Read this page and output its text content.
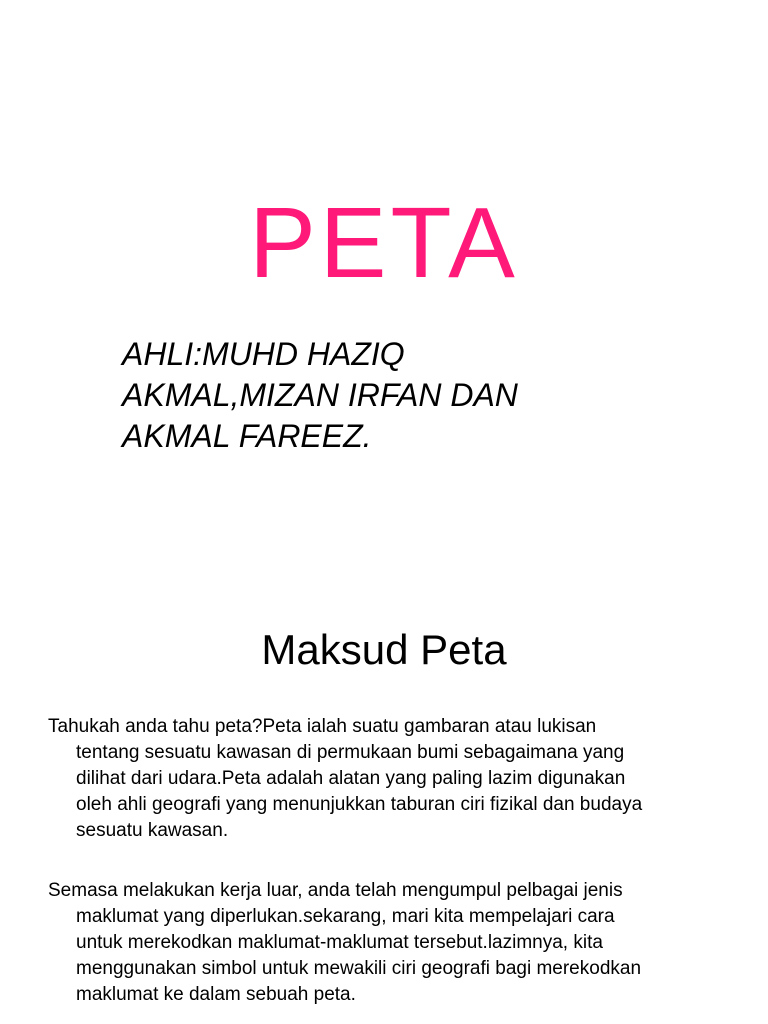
PETA
AHLI:MUHD HAZIQ
AKMAL,MIZAN IRFAN DAN
AKMAL FAREEZ.
Maksud Peta
Tahukah anda tahu peta?Peta ialah suatu gambaran atau lukisan
tentang sesuatu kawasan di permukaan bumi sebagaimana yang
dilihat dari udara.Peta adalah alatan yang paling lazim digunakan
oleh ahli geografi yang menunjukkan taburan ciri fizikal dan budaya
sesuatu kawasan.
Semasa melakukan kerja luar, anda telah mengumpul pelbagai jenis
maklumat yang diperlukan.sekarang, mari kita mempelajari cara
untuk merekodkan maklumat-maklumat tersebut.lazimnya, kita
menggunakan simbol untuk mewakili ciri geografi bagi merekodkan
maklumat ke dalam sebuah peta.
